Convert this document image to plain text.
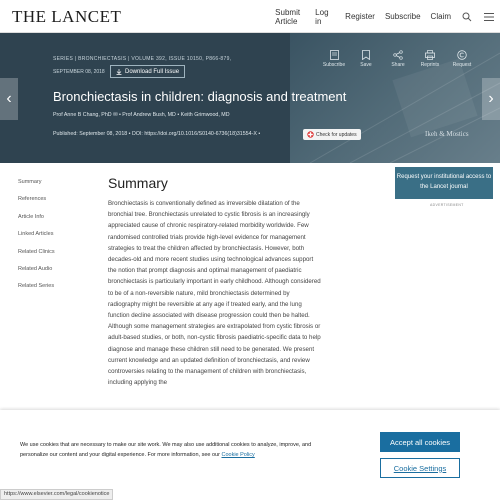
THE LANCET	Submit Article
Log in	Register	Subscribe	Claim
‹	›
SERIES | BRONCHIECTASIS | VOLUME 392, ISSUE 10150, P866-879,
SEPTEMBER 08, 2018	Download Full Issue
Subscribe	Save	Share	Reprints	Request
Bronchiectasis in children: diagnosis and treatment
Prof Anne B Chang, PhD ✉ • Prof Andrew Bush, MD • Keith Grimwood, MD
Published: September 08, 2018 • DOI: https://doi.org/10.1016/S0140-6736(18)31554-X •	Check for updates	Ikeh & Mostics
Summary
References
Article Info
Linked Articles
Related Clinics
Related Audio
Related Series
Summary
Bronchiectasis is conventionally defined as irreversible dilatation of the bronchial tree. Bronchiectasis unrelated to cystic fibrosis is an increasingly appreciated cause of chronic respiratory-related morbidity worldwide. Few randomised controlled trials provide high-level evidence for management strategies to treat the children affected by bronchiectasis. However, both decades-old and more recent studies using technological advances support the notion that prompt diagnosis and optimal management of paediatric bronchiectasis is particularly important in early childhood. Although considered to be of a non-reversible nature, mild bronchiectasis determined by radiography might be reversible at any age if treated early, and the lung function decline associated with disease progression could then be halted. Although some management strategies are extrapolated from cystic fibrosis or adult-based studies, or both, non-cystic fibrosis paediatric-specific data to help diagnose and manage these children still need to be generated. We present current knowledge and an updated definition of bronchiectasis, and review controversies relating to the management of children with bronchiectasis, including applying the
Request your institutional access to the Lancet journal
ADVERTISEMENT
We use cookies that are necessary to make our site work. We may also use additional cookies to analyze, improve, and personalize our content and your digital experience. For more information, see our Cookie Policy
Accept all cookies
Cookie Settings
https://www.elsevier.com/legal/cookienotice
